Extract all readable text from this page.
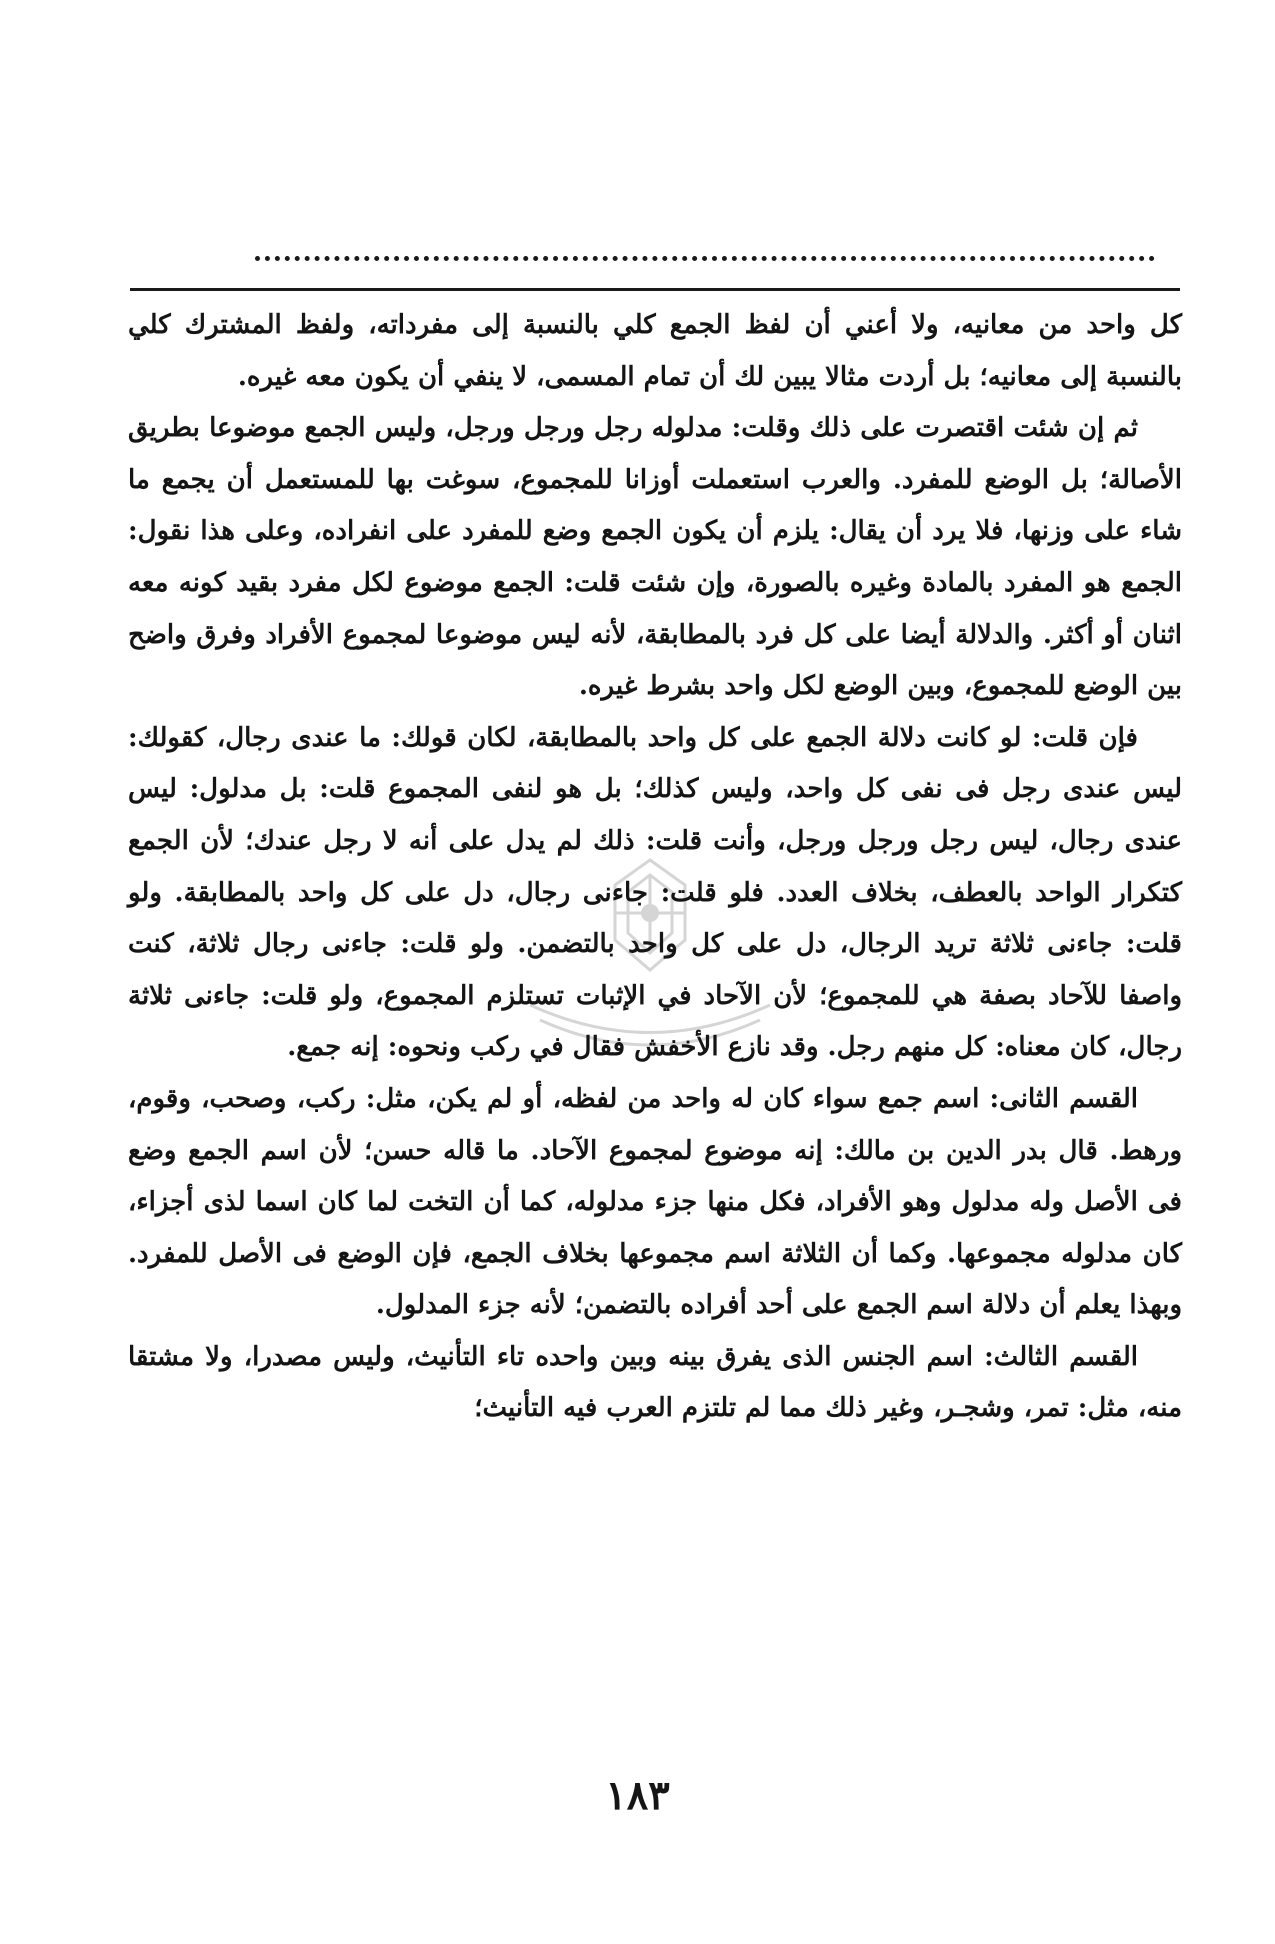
كل واحد من معانيه، ولا أعني أن لفظ الجمع كلي بالنسبة إلى مفرداته، ولفظ المشترك كلي بالنسبة إلى معانيه؛ بل أردت مثالا يبين لك أن تمام المسمى، لا ينفي أن يكون معه غيره.

ثم إن شئت اقتصرت على ذلك وقلت: مدلوله رجل ورجل ورجل، وليس الجمع موضوعا بطريق الأصالة؛ بل الوضع للمفرد. والعرب استعملت أوزانا للمجموع، سوغت بها للمستعمل أن يجمع ما شاء على وزنها، فلا يرد أن يقال: يلزم أن يكون الجمع وضع للمفرد على انفراده، وعلى هذا نقول: الجمع هو المفرد بالمادة وغيره بالصورة، وإن شئت قلت: الجمع موضوع لكل مفرد بقيد كونه معه اثنان أو أكثر. والدلالة أيضا على كل فرد بالمطابقة، لأنه ليس موضوعا لمجموع الأفراد وفرق واضح بين الوضع للمجموع، وبين الوضع لكل واحد بشرط غيره.

فإن قلت: لو كانت دلالة الجمع على كل واحد بالمطابقة، لكان قولك: ما عندى رجال، كقولك: ليس عندى رجل فى نفى كل واحد، وليس كذلك؛ بل هو لنفى المجموع قلت: بل مدلول: ليس عندى رجال، ليس رجل ورجل ورجل، وأنت قلت: ذلك لم يدل على أنه لا رجل عندك؛ لأن الجمع كتكرار الواحد بالعطف، بخلاف العدد. فلو قلت: جاءنى رجال، دل على كل واحد بالمطابقة. ولو قلت: جاءنى ثلاثة تريد الرجال، دل على كل واحد بالتضمن. ولو قلت: جاءنى رجال ثلاثة، كنت واصفا للآحاد بصفة هي للمجموع؛ لأن الآحاد في الإثبات تستلزم المجموع، ولو قلت: جاءنى ثلاثة رجال، كان معناه: كل منهم رجل. وقد نازع الأخفش فقال في ركب ونحوه: إنه جمع.

القسم الثانى: اسم جمع سواء كان له واحد من لفظه، أو لم يكن، مثل: ركب، وصحب، وقوم، ورهط. قال بدر الدين بن مالك: إنه موضوع لمجموع الآحاد. ما قاله حسن؛ لأن اسم الجمع وضع فى الأصل وله مدلول وهو الأفراد، فكل منها جزء مدلوله، كما أن التخت لما كان اسما لذى أجزاء، كان مدلوله مجموعها. وكما أن الثلاثة اسم مجموعها بخلاف الجمع، فإن الوضع فى الأصل للمفرد. وبهذا يعلم أن دلالة اسم الجمع على أحد أفراده بالتضمن؛ لأنه جزء المدلول.

القسم الثالث: اسم الجنس الذى يفرق بينه وبين واحده تاء التأنيث، وليس مصدرا، ولا مشتقا منه، مثل: تمر، وشجـر، وغير ذلك مما لم تلتزم العرب فيه التأنيث؛

١٨٣
